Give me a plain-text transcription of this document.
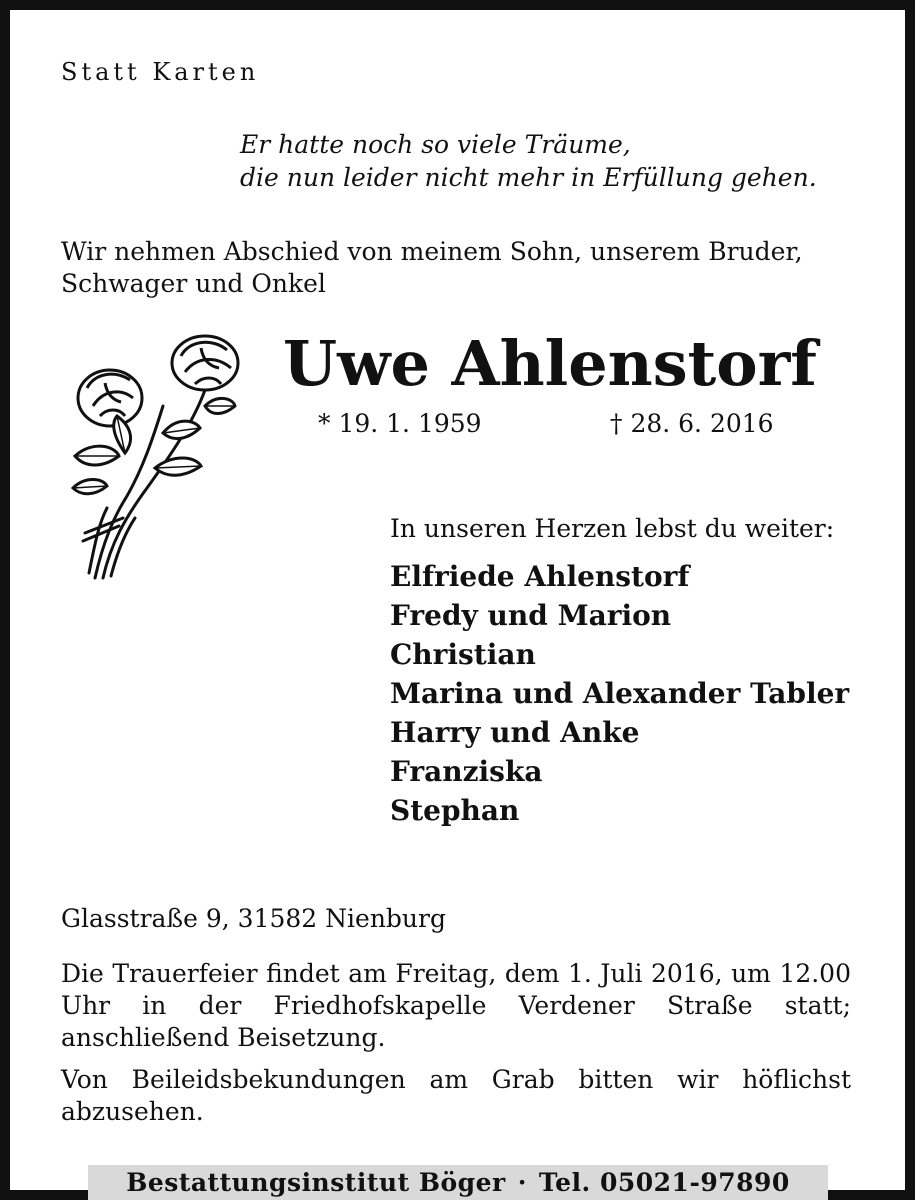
Statt Karten
Er hatte noch so viele Träume,
die nun leider nicht mehr in Erfüllung gehen.
Wir nehmen Abschied von meinem Sohn, unserem Bruder, Schwager und Onkel
Uwe Ahlenstorf
* 19. 1. 1959	† 28. 6. 2016
In unseren Herzen lebst du weiter:
Elfriede Ahlenstorf
Fredy und Marion
Christian
Marina und Alexander Tabler
Harry und Anke
Franziska
Stephan
Glasstraße 9, 31582 Nienburg
Die Trauerfeier findet am Freitag, dem 1. Juli 2016, um 12.00 Uhr in der Friedhofskapelle Verdener Straße statt; anschließend Beisetzung.
Von Beileidsbekundungen am Grab bitten wir höflichst abzusehen.
Bestattungsinstitut Böger · Tel. 05021-97890
